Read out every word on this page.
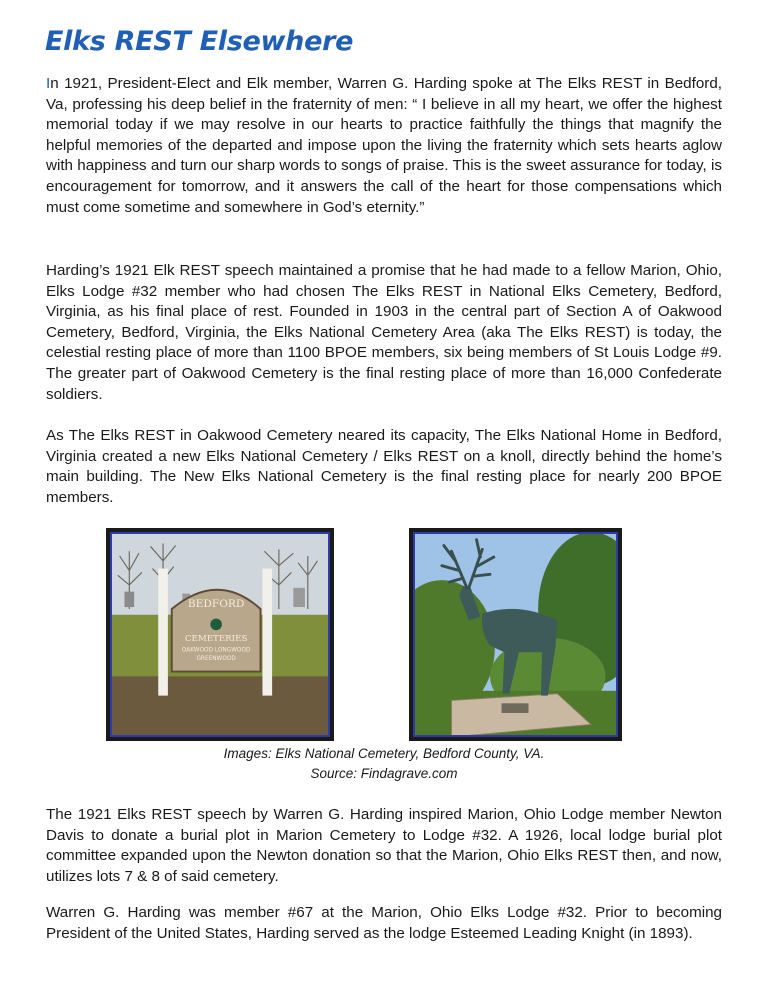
Elks REST Elsewhere

In 1921, President-Elect and Elk member, Warren G. Harding spoke at The Elks REST in Bedford, Va, professing his deep belief in the fraternity of men: “ I believe in all my heart, we offer the highest memorial today if we may resolve in our hearts to practice faithfully the things that magnify the helpful memories of the departed and impose upon the living the fraternity which sets hearts aglow with happiness and turn our sharp words to songs of praise. This is the sweet assurance for today, is encouragement for tomorrow, and it answers the call of the heart for those compensations which must come sometime and somewhere in God’s eternity.”

Harding’s 1921 Elk REST speech maintained a promise that he had made to a fellow Marion, Ohio, Elks Lodge #32 member who had chosen The Elks REST in National Elks Cemetery, Bedford, Virginia, as his final place of rest. Founded in 1903 in the central part of Section A of Oakwood Cemetery, Bedford, Virginia, the Elks National Cemetery Area (aka The Elks REST) is today, the celestial resting place of more than 1100 BPOE members, six being members of St Louis Lodge #9. The greater part of Oakwood Cemetery is the final resting place of more than 16,000 Confederate soldiers.

As The Elks REST in Oakwood Cemetery neared its capacity, The Elks National Home in Bedford, Virginia created a new Elks National Cemetery / Elks REST on a knoll, directly behind the home’s main building. The New Elks National Cemetery is the final resting place for nearly 200 BPOE members.

BEDFORD
CEMETERIES
OAKWOOD LONGWOOD
GREENWOOD

Images: Elks National Cemetery, Bedford County, VA.

Source: Findagrave.com

The 1921 Elks REST speech by Warren G. Harding inspired Marion, Ohio Lodge member Newton Davis to donate a burial plot in Marion Cemetery to Lodge #32. A 1926, local lodge burial plot committee expanded upon the Newton donation so that the Marion, Ohio Elks REST then, and now, utilizes lots 7 & 8 of said cemetery.

Warren G. Harding was member #67 at the Marion, Ohio Elks Lodge #32. Prior to becoming President of the United States, Harding served as the lodge Esteemed Leading Knight (in 1893).
